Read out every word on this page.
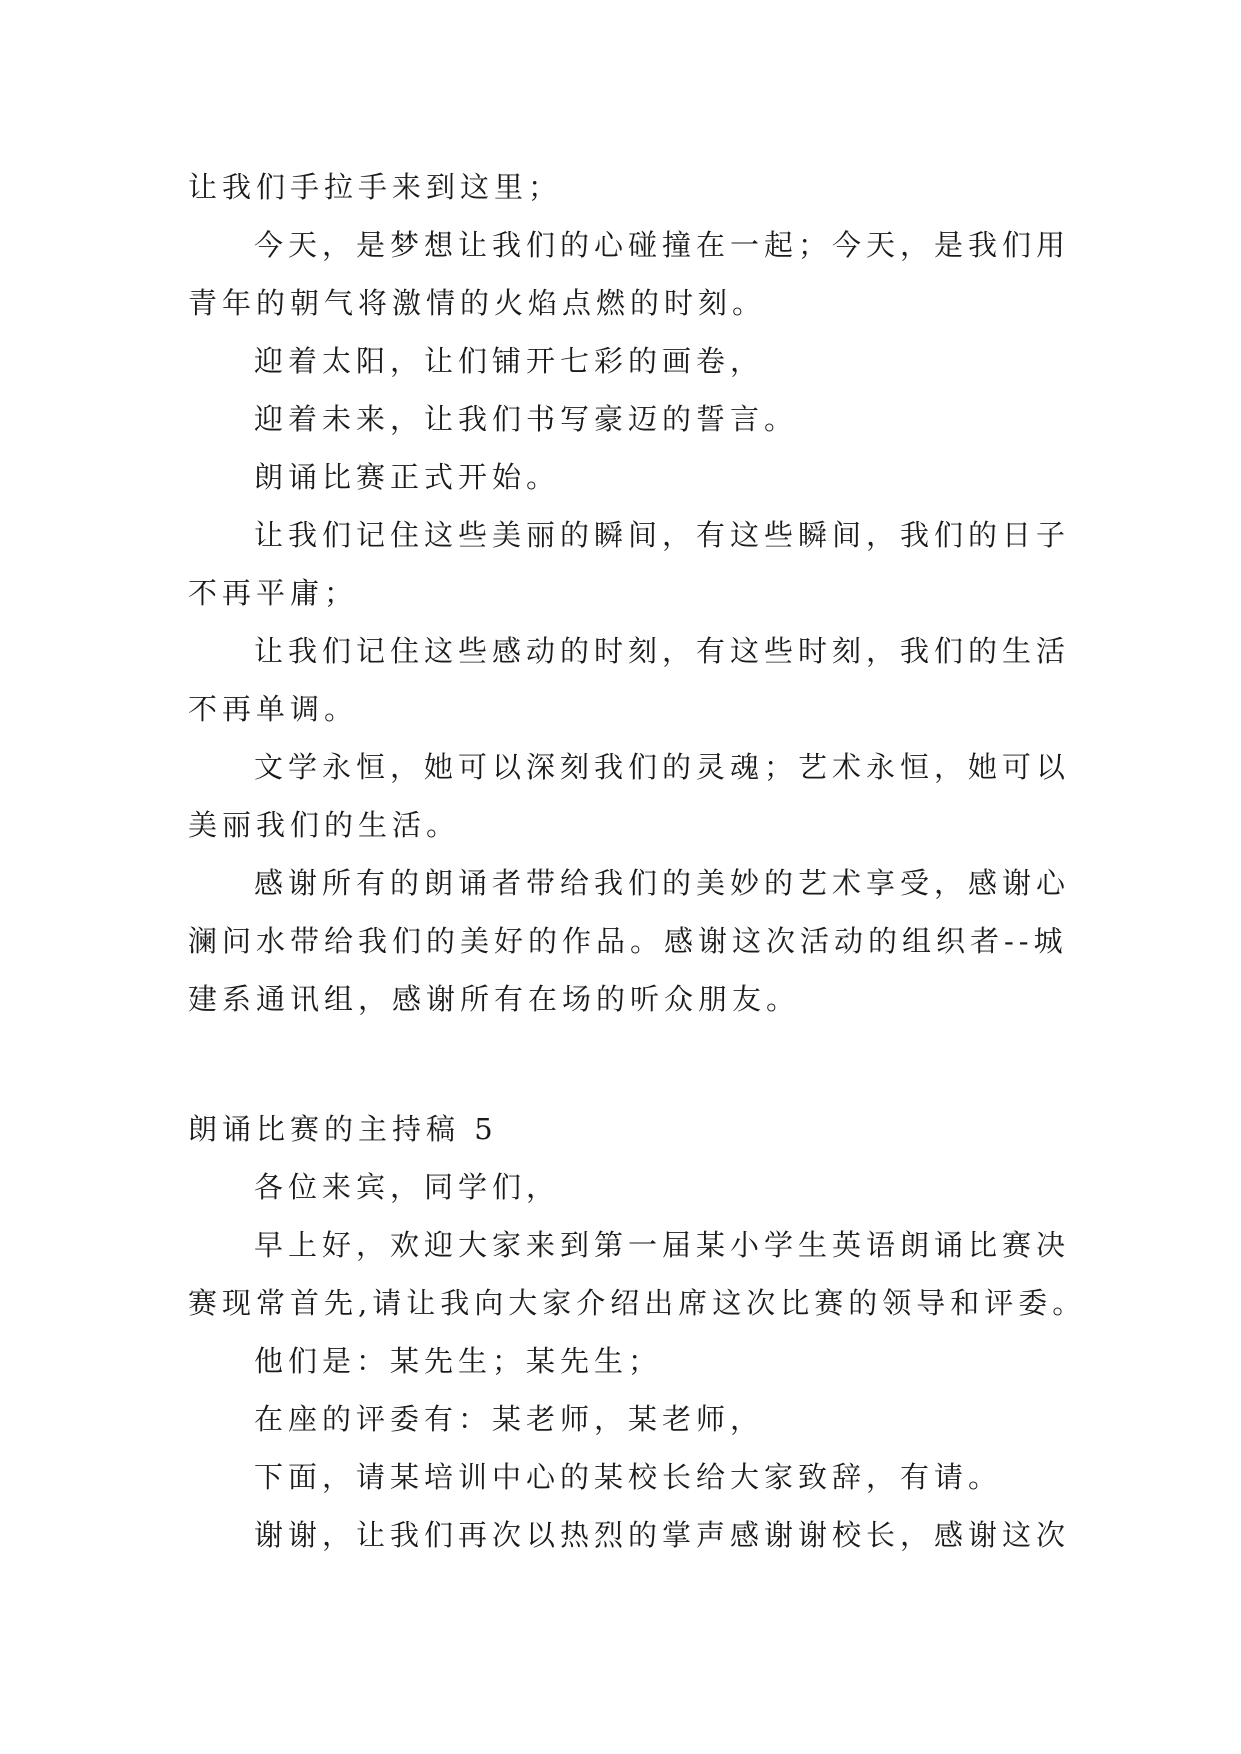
让我们手拉手来到这里；
今天，是梦想让我们的心碰撞在一起；今天，是我们用
青年的朝气将激情的火焰点燃的时刻。
迎着太阳，让们铺开七彩的画卷，
迎着未来，让我们书写豪迈的誓言。
朗诵比赛正式开始。
让我们记住这些美丽的瞬间，有这些瞬间，我们的日子
不再平庸；
让我们记住这些感动的时刻，有这些时刻，我们的生活
不再单调。
文学永恒，她可以深刻我们的灵魂；艺术永恒，她可以
美丽我们的生活。
感谢所有的朗诵者带给我们的美妙的艺术享受，感谢心
澜问水带给我们的美好的作品。感谢这次活动的组织者--城
建系通讯组，感谢所有在场的听众朋友。
朗诵比赛的主持稿 5
各位来宾，同学们，
早上好，欢迎大家来到第一届某小学生英语朗诵比赛决
赛现常首先,请让我向大家介绍出席这次比赛的领导和评委。
他们是：某先生；某先生；
在座的评委有：某老师，某老师，
下面，请某培训中心的某校长给大家致辞，有请。
谢谢，让我们再次以热烈的掌声感谢谢校长，感谢这次
